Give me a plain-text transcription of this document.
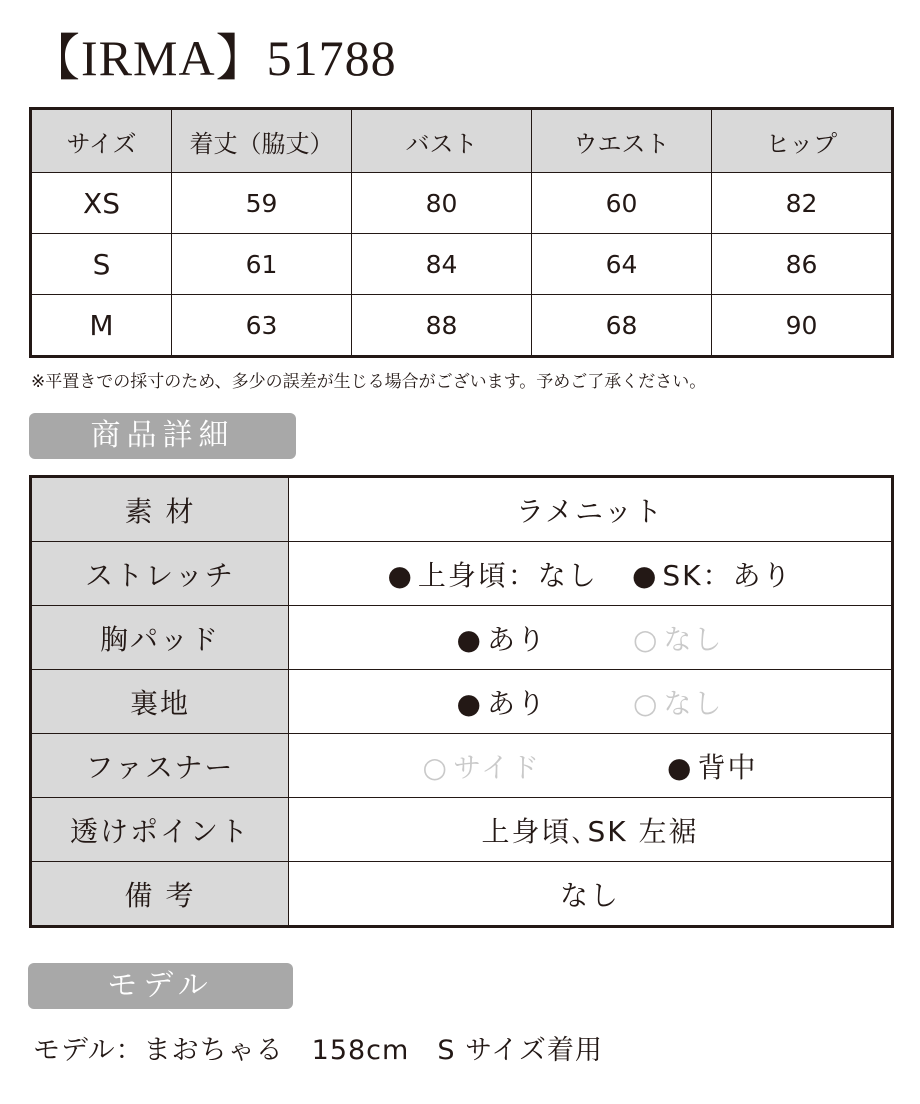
【IRMA】51788
サイズ	着丈（脇丈）	バスト	ウエスト	ヒップ
XS	59	80	60	82
S	61	84	64	86
M	63	88	68	90
※平置きでの採寸のため、多少の誤差が生じる場合がございます。予めご了承ください。
商品詳細
素 材	ラメニット
ストレッチ	● 上身頃：なし ● SK：あり
胸パッド	● あり ○ なし
裏地	● あり ○ なし
ファスナー	○ サイド ● 背中
透けポイント	上身頃､SK 左裾
備 考	なし
モデル
モデル：まおちゃる　158cm　S サイズ着用
